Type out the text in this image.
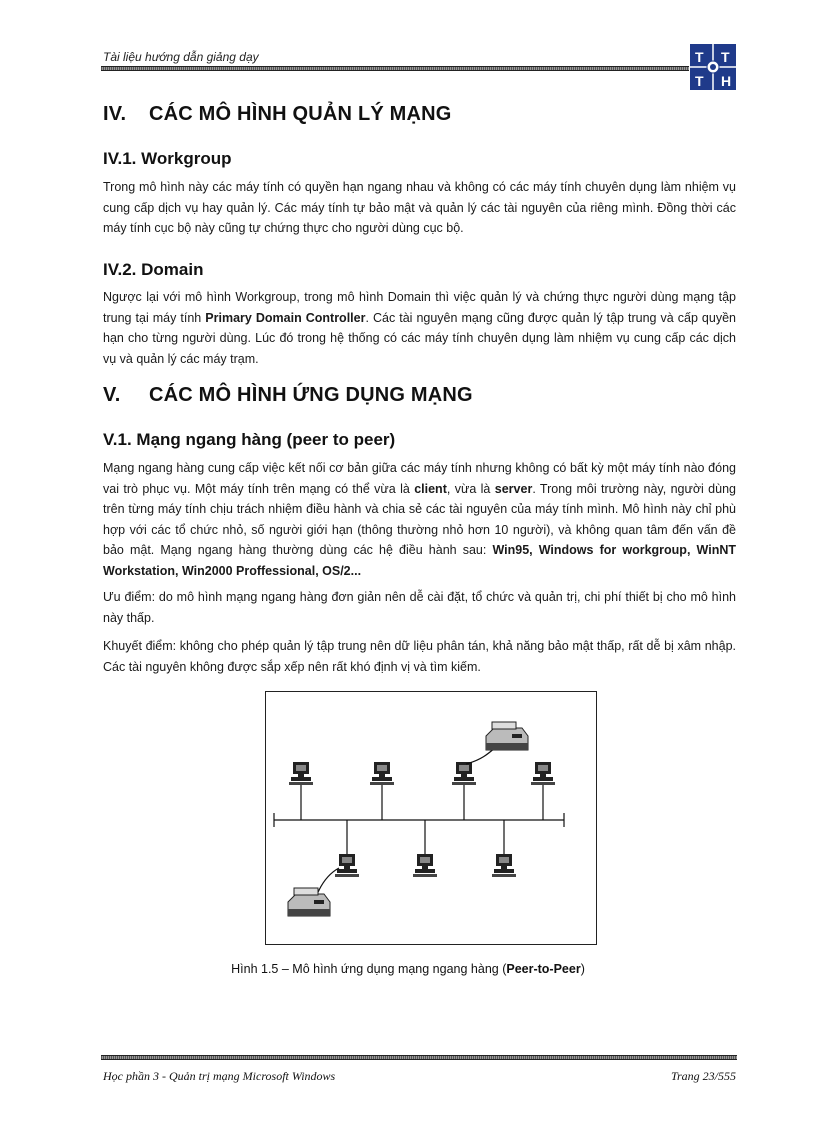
Tài liệu hướng dẫn giảng dạy	T T
T H
IV. CÁC MÔ HÌNH QUẢN LÝ MẠNG
IV.1. Workgroup

Trong mô hình này các máy tính có quyền hạn ngang nhau và không có các máy tính chuyên dụng làm nhiệm vụ cung cấp dịch vụ hay quản lý. Các máy tính tự bảo mật và quản lý các tài nguyên của riêng mình. Đồng thời các máy tính cục bộ này cũng tự chứng thực cho người dùng cục bộ.

IV.2. Domain

Ngược lại với mô hình Workgroup, trong mô hình Domain thì việc quản lý và chứng thực người dùng mạng tập trung tại máy tính Primary Domain Controller. Các tài nguyên mạng cũng được quản lý tập trung và cấp quyền hạn cho từng người dùng. Lúc đó trong hệ thống có các máy tính chuyên dụng làm nhiệm vụ cung cấp các dịch vụ và quản lý các máy trạm.

V. CÁC MÔ HÌNH ỨNG DỤNG MẠNG
V.1. Mạng ngang hàng (peer to peer)

Mạng ngang hàng cung cấp việc kết nối cơ bản giữa các máy tính nhưng không có bất kỳ một máy tính nào đóng vai trò phục vụ. Một máy tính trên mạng có thể vừa là client, vừa là server. Trong môi trường này, người dùng trên từng máy tính chịu trách nhiệm điều hành và chia sẻ các tài nguyên của máy tính mình. Mô hình này chỉ phù hợp với các tổ chức nhỏ, số người giới hạn (thông thường nhỏ hơn 10 người), và không quan tâm đến vấn đề bảo mật. Mạng ngang hàng thường dùng các hệ điều hành sau: Win95, Windows for workgroup, WinNT Workstation, Win2000 Proffessional, OS/2...

Ưu điểm: do mô hình mạng ngang hàng đơn giản nên dễ cài đặt, tổ chức và quản trị, chi phí thiết bị cho mô hình này thấp.

Khuyết điểm: không cho phép quản lý tập trung nên dữ liệu phân tán, khả năng bảo mật thấp, rất dễ bị xâm nhập. Các tài nguyên không được sắp xếp nên rất khó định vị và tìm kiếm.

Hình 1.5 – Mô hình ứng dụng mạng ngang hàng (Peer-to-Peer)
Học phần 3 - Quản trị mạng Microsoft Windows	Trang 23/555
